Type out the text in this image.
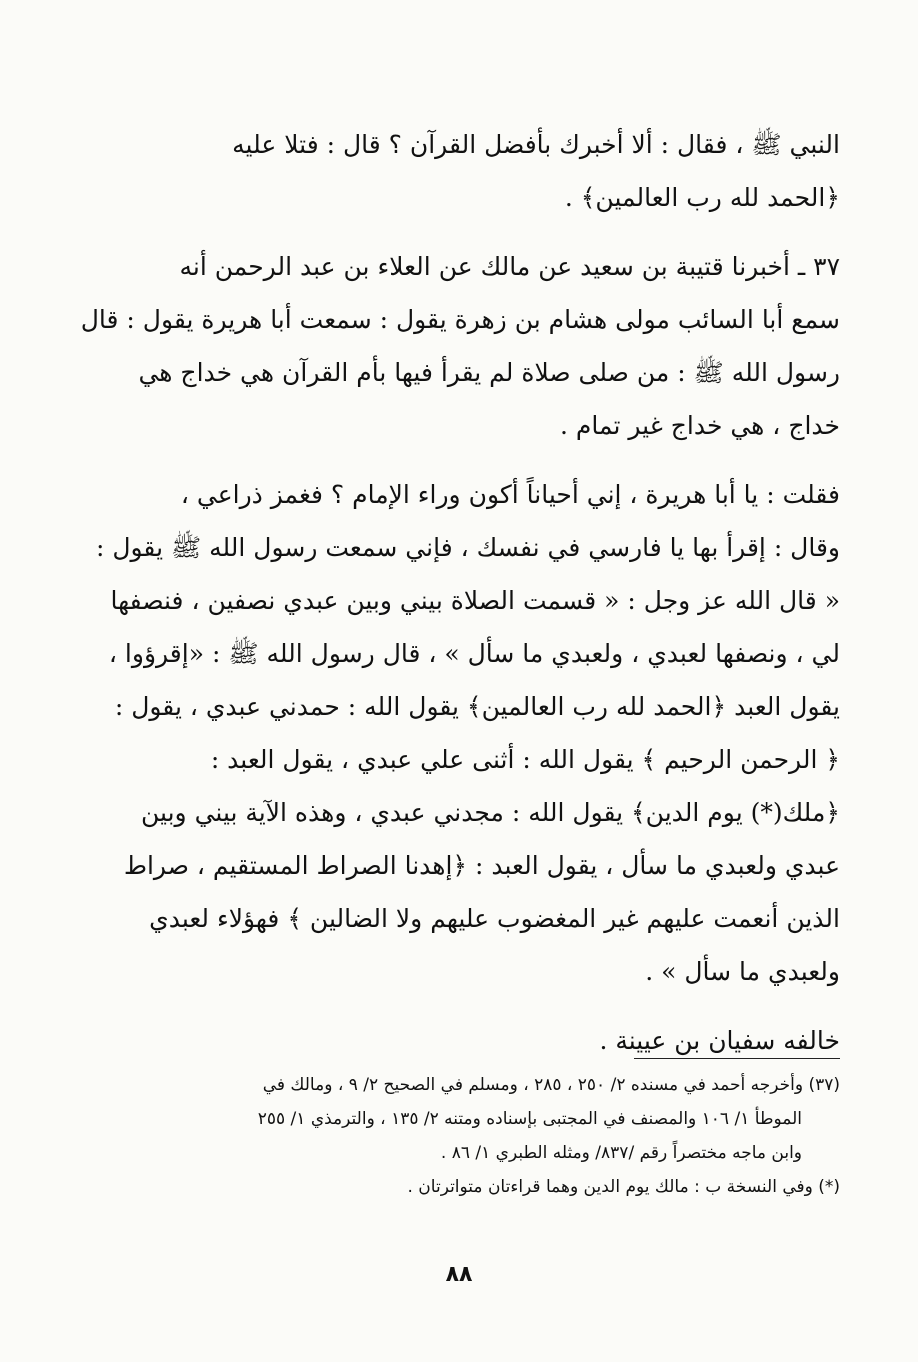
النبي ﷺ ، فقال : ألا أخبرك بأفضل القرآن ؟ قال : فتلا عليه
﴿الحمد لله رب العالمين﴾ .
٣٧ ـ أخبرنا قتيبة بن سعيد عن مالك عن العلاء بن عبد الرحمن أنه
سمع أبا السائب مولى هشام بن زهرة يقول : سمعت أبا هريرة يقول : قال
رسول الله ﷺ : من صلى صلاة لم يقرأ فيها بأم القرآن هي خداج هي
خداج ، هي خداج غير تمام .
فقلت : يا أبا هريرة ، إني أحياناً أكون وراء الإمام ؟ فغمز ذراعي ،
وقال : إقرأ بها يا فارسي في نفسك ، فإني سمعت رسول الله ﷺ يقول :
« قال الله عز وجل : « قسمت الصلاة بيني وبين عبدي نصفين ، فنصفها
لي ، ونصفها لعبدي ، ولعبدي ما سأل » ، قال رسول الله ﷺ : «إقرؤوا ،
يقول العبد ﴿الحمد لله رب العالمين﴾ يقول الله : حمدني عبدي ، يقول :
﴿ الرحمن الرحيم ﴾ يقول الله : أثنى علي عبدي ، يقول العبد :
﴿ملك(*) يوم الدين﴾ يقول الله : مجدني عبدي ، وهذه الآية بيني وبين
عبدي ولعبدي ما سأل ، يقول العبد : ﴿إهدنا الصراط المستقيم ، صراط
الذين أنعمت عليهم غير المغضوب عليهم ولا الضالين ﴾ فهؤلاء لعبدي
ولعبدي ما سأل » .
خالفه سفيان بن عيينة .
(٣٧) وأخرجه أحمد في مسنده ٢/ ٢٥٠ ، ٢٨٥ ، ومسلم في الصحيح ٢/ ٩ ، ومالك في
الموطأ ١/ ١٠٦ والمصنف في المجتبى بإسناده ومتنه ٢/ ١٣٥ ، والترمذي ١/ ٢٥٥
وابن ماجه مختصراً رقم /٨٣٧/ ومثله الطبري ١/ ٨٦ .
(*) وفي النسخة ب : مالك يوم الدين وهما قراءتان متواترتان .
٨٨
